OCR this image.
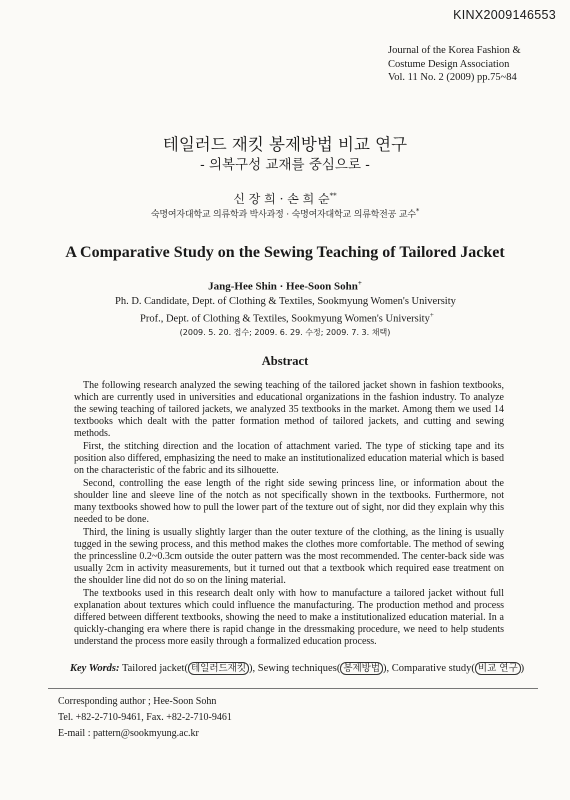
KINX2009146553
Journal of the Korea Fashion &
Costume Design Association
Vol. 11 No. 2 (2009) pp.75~84
테일러드 재킷 봉제방법 비교 연구
- 의복구성 교재를 중심으로 -
신 장 희 · 손 희 순**
숙명여자대학교 의류학과 박사과정 · 숙명여자대학교 의류학전공 교수*
A Comparative Study on the Sewing Teaching of Tailored Jacket
Jang-Hee Shin · Hee-Soon Sohn+
Ph. D. Candidate, Dept. of Clothing & Textiles, Sookmyung Women's University
Prof., Dept. of Clothing & Textiles, Sookmyung Women's University+
(2009. 5. 20. 접수; 2009. 6. 29. 수정; 2009. 7. 3. 채택)
Abstract

The following research analyzed the sewing teaching of the tailored jacket shown in fashion textbooks, which are currently used in universities and educational organizations in the fashion industry. To analyze the sewing teaching of tailored jackets, we analyzed 35 textbooks in the market. Among them we used 14 textbooks which dealt with the patter formation method of tailored jackets, and cutting and sewing methods.

First, the stitching direction and the location of attachment varied. The type of sticking tape and its position also differed, emphasizing the need to make an institutionalized education material which is based on the characteristic of the fabric and its silhouette.

Second, controlling the ease length of the right side sewing princess line, or information about the shoulder line and sleeve line of the notch as not specifically shown in the textbooks. Furthermore, not many textbooks showed how to pull the lower part of the texture out of sight, nor did they explain why this needed to be done.

Third, the lining is usually slightly larger than the outer texture of the clothing, as the lining is usually tugged in the sewing process, and this method makes the clothes more comfortable. The method of sewing the princessline 0.2~0.3cm outside the outer pattern was the most recommended. The center-back side was usually 2cm in activity measurements, but it turned out that a textbook which required ease treatment on the shoulder line did not do so on the lining material.

The textbooks used in this research dealt only with how to manufacture a tailored jacket without full explanation about textures which could influence the manufacturing. The production method and process differed between different textbooks, showing the need to make a institutionalized education material. In a quickly-changing era where there is rapid change in the dressmaking procedure, we need to help students understand the process more easily through a formalized education process.

Key Words: Tailored jacket( 테일러드재킷 ), Sewing techniques( 봉제방법 ), Comparative study( 비교 연구 )
Corresponding author ; Hee-Soon Sohn
Tel. +82-2-710-9461, Fax. +82-2-710-9461
E-mail : pattern@sookmyung.ac.kr
